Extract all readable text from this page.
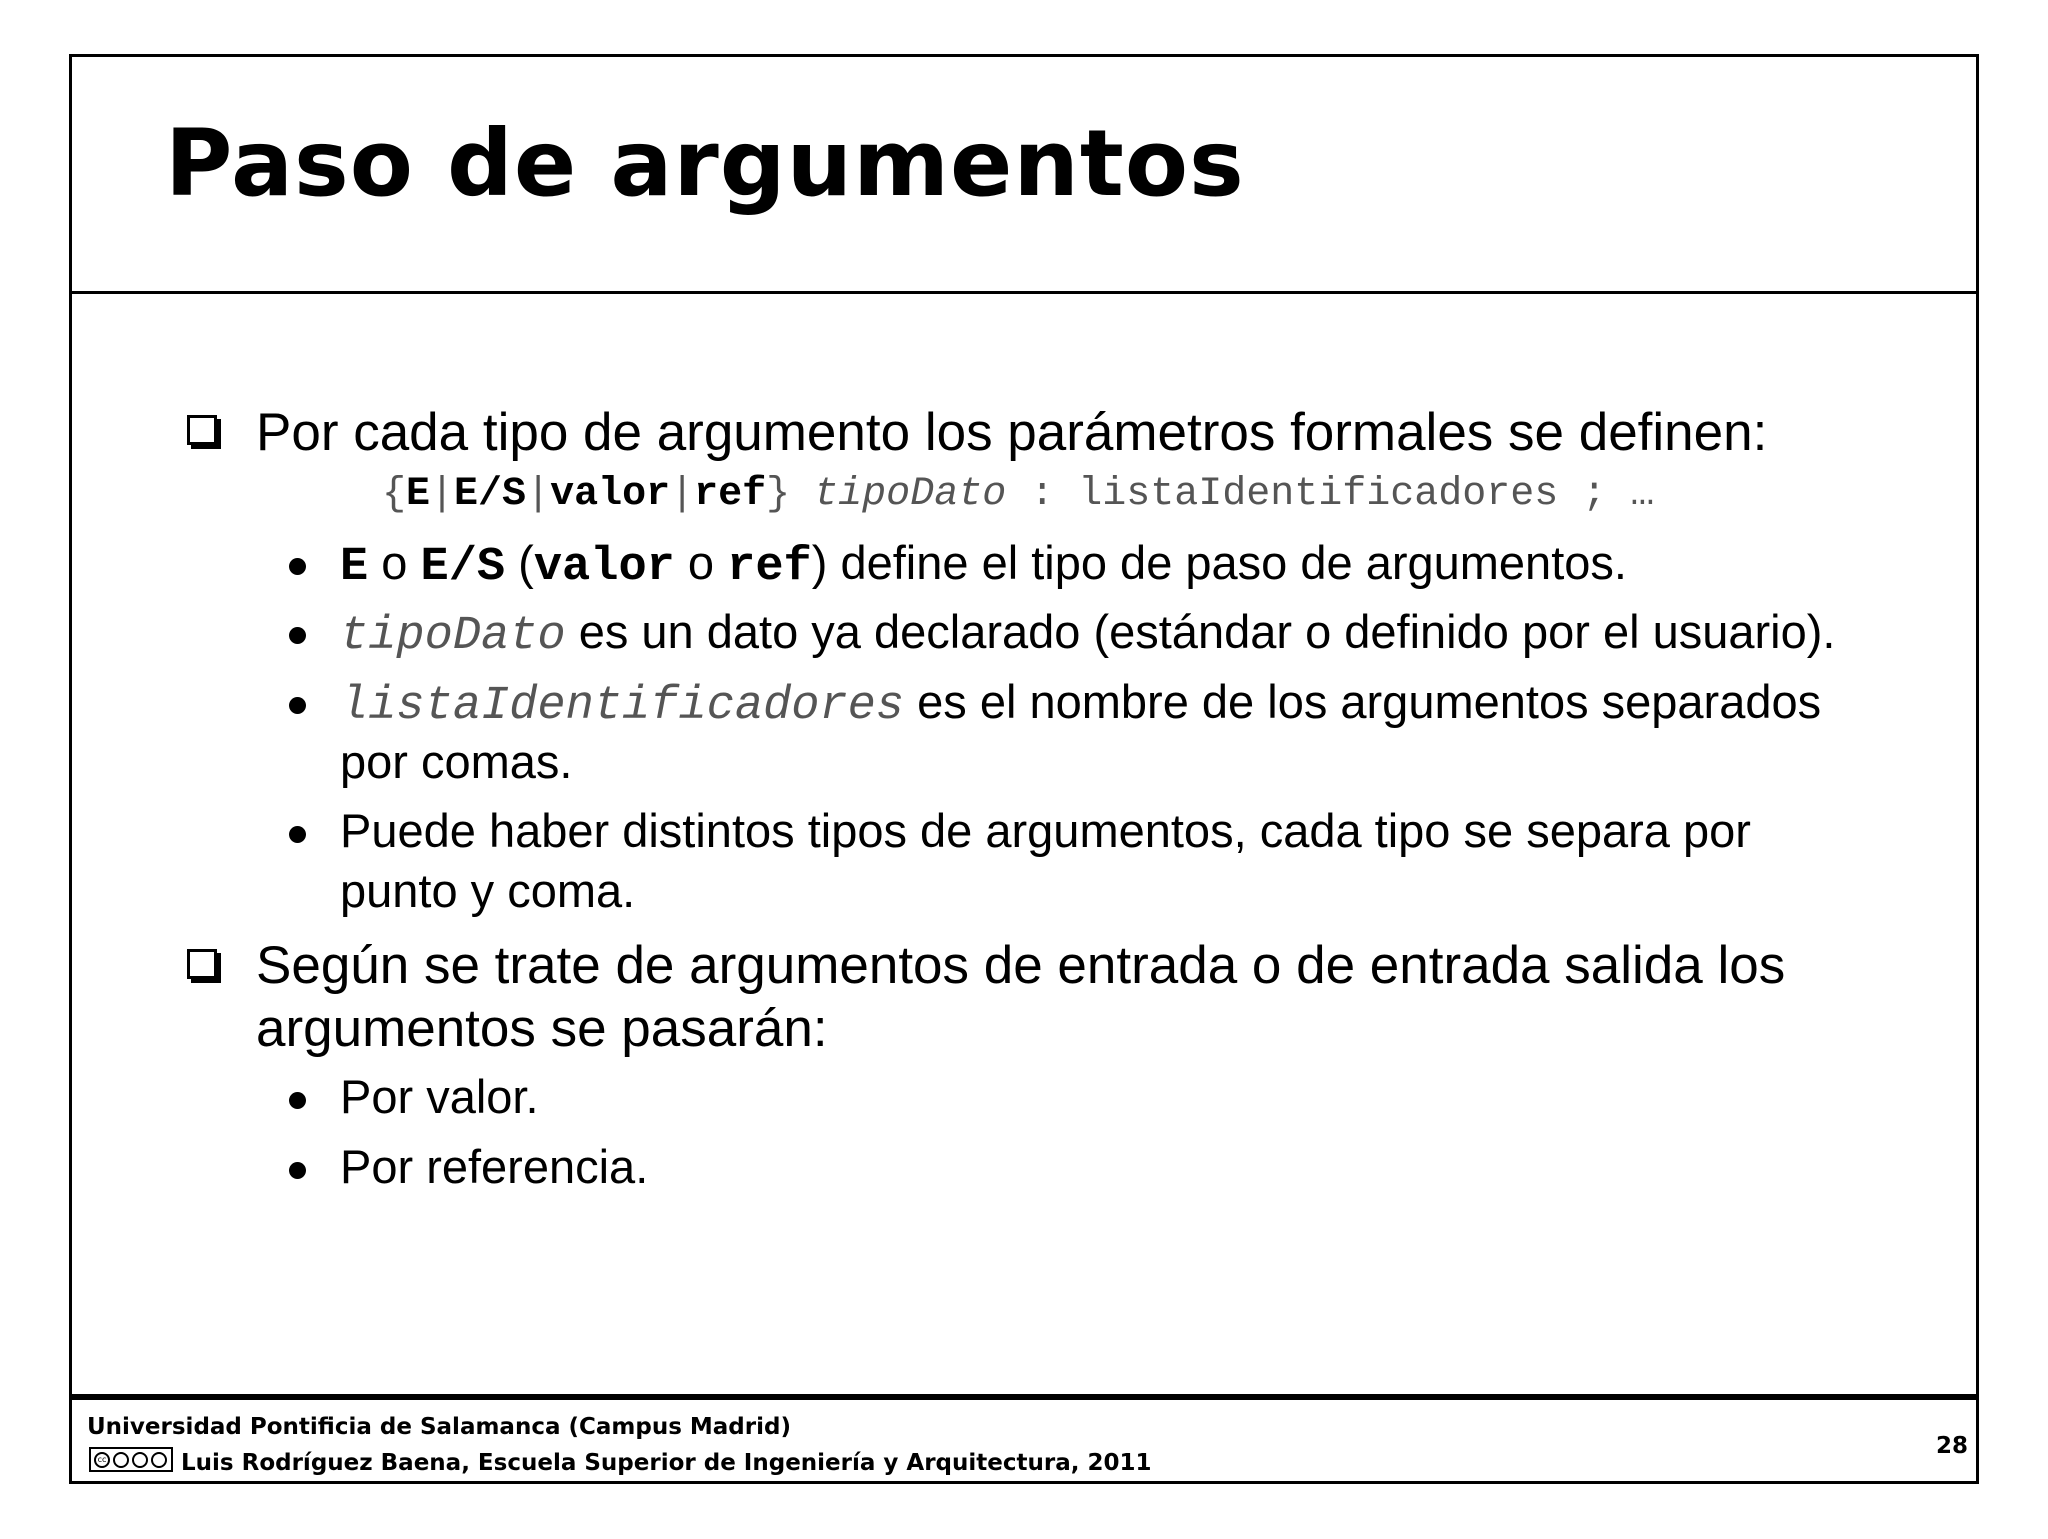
Paso de argumentos
Por cada tipo de argumento los parámetros formales se definen:
{E|E/S|valor|ref} tipoDato : listaIdentificadores ; …
E o E/S (valor o ref) define el tipo de paso de argumentos.
tipoDato es un dato ya declarado (estándar o definido por el usuario).
listaIdentificadores es el nombre de los argumentos separados
por comas.
Puede haber distintos tipos de argumentos, cada tipo se separa por
punto y coma.
Según se trate de argumentos de entrada o de entrada salida los
argumentos se pasarán:
Por valor.
Por referencia.
Universidad Pontificia de Salamanca (Campus Madrid)
cc	Luis Rodríguez Baena, Escuela Superior de Ingeniería y Arquitectura, 2011
28
